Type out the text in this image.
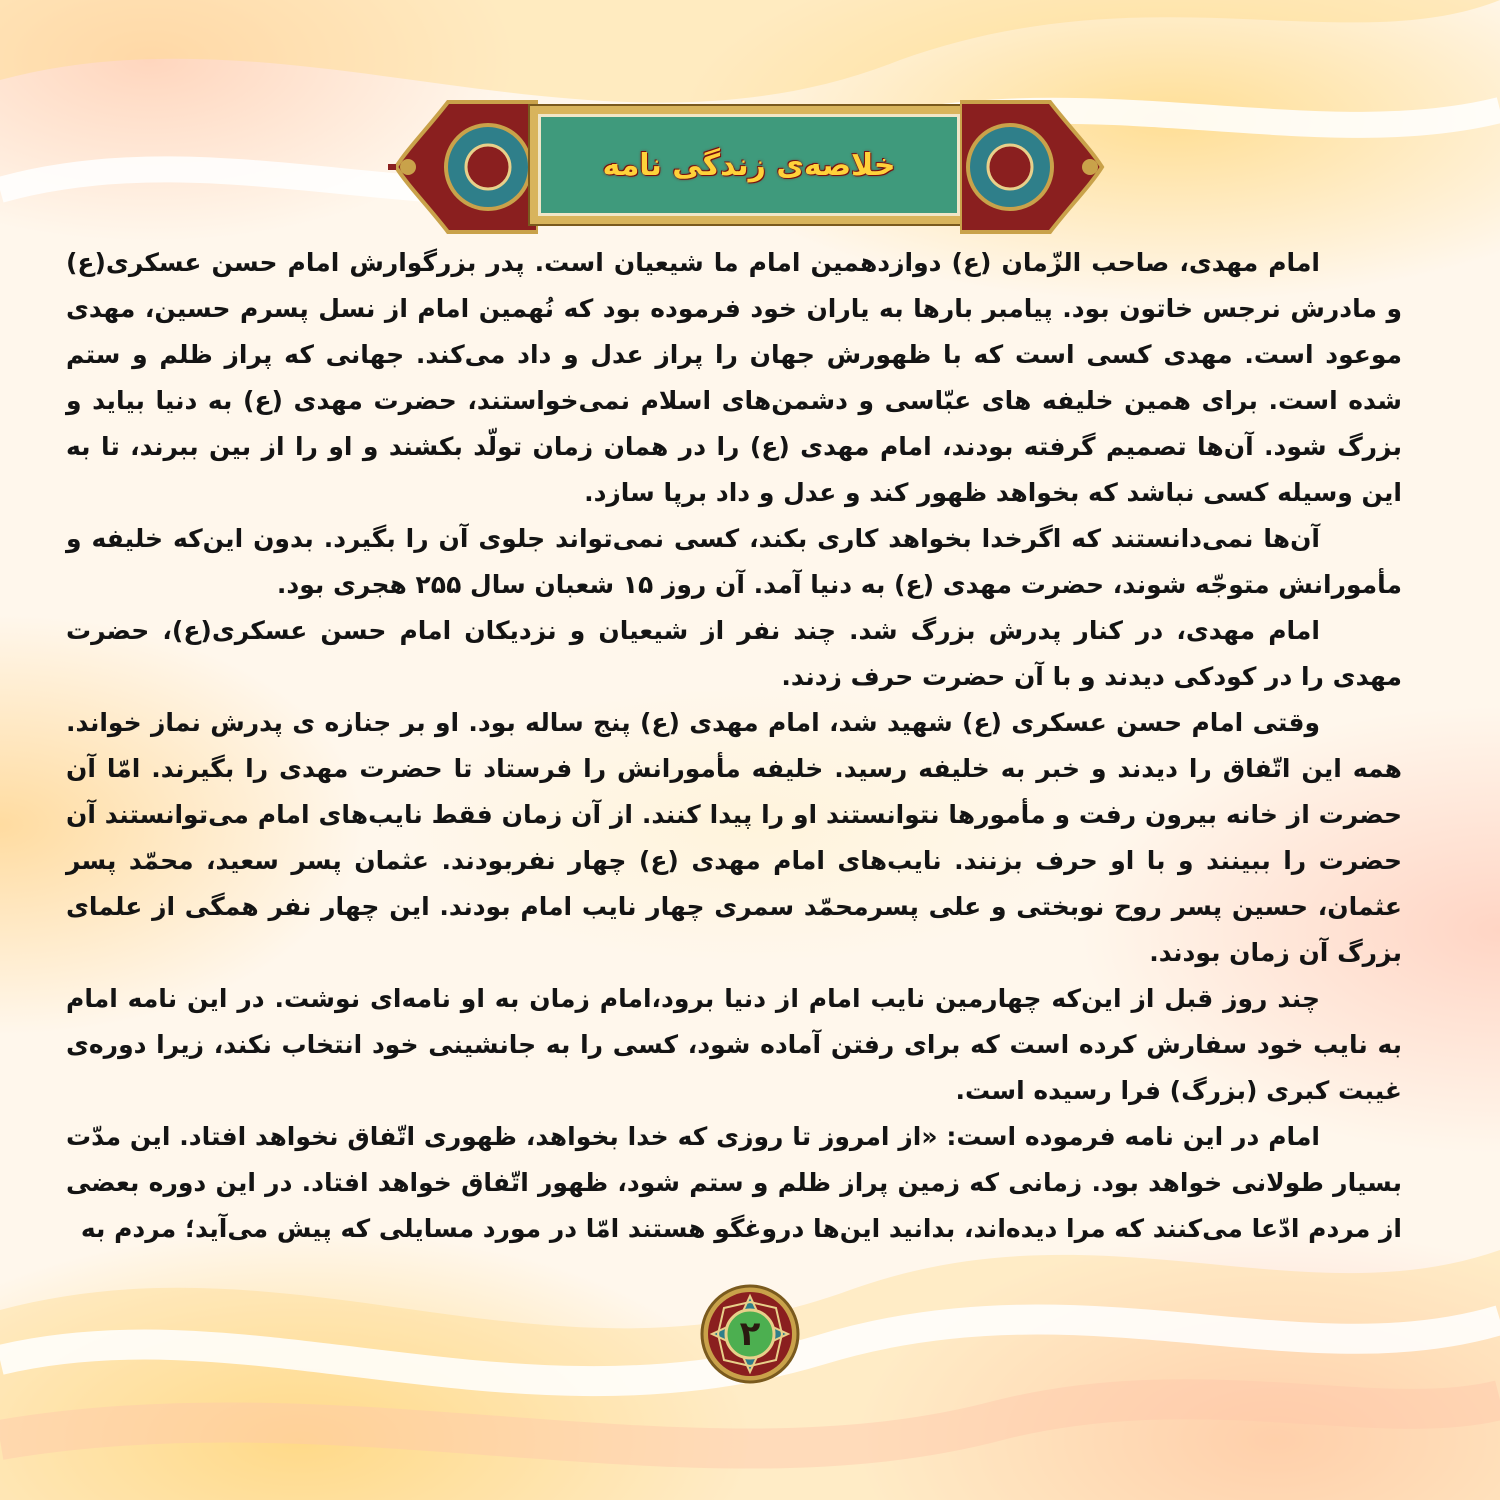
خلاصه‌ی زندگی نامه

امام مهدی، صاحب الزّمان (ع) دوازدهمین امام ما شیعیان است. پدر بزرگوارش امام حسن عسکری(ع) و مادرش نرجس خاتون بود. پیامبر بارها به یاران خود فرموده بود که نُهمین امام از نسل پسرم حسین، مهدی موعود است. مهدی کسی است که با ظهورش جهان را پراز عدل و داد می‌کند. جهانی که پراز ظلم و ستم شده است. برای همین خلیفه های عبّاسی و دشمن‌های اسلام نمی‌خواستند، حضرت مهدی (ع) به دنیا بیاید و بزرگ شود. آن‌ها تصمیم گرفته بودند، امام مهدی (ع) را در همان زمان تولّد بکشند و او را از بین ببرند، تا به این وسیله کسی نباشد که بخواهد ظهور کند و عدل و داد برپا سازد.

آن‌ها نمی‌دانستند که اگرخدا بخواهد کاری بکند، کسی نمی‌تواند جلوی آن را بگیرد. بدون این‌که خلیفه و مأمورانش متوجّه شوند، حضرت مهدی (ع) به دنیا آمد. آن روز ۱۵ شعبان سال ۲۵۵ هجری بود.

امام مهدی، در کنار پدرش بزرگ شد. چند نفر از شیعیان و نزدیکان امام حسن عسکری(ع)، حضرت مهدی را در کودکی دیدند و با آن حضرت حرف زدند.

وقتی امام حسن عسکری (ع) شهید شد، امام مهدی (ع) پنج ساله بود. او بر جنازه ی پدرش نماز خواند. همه این اتّفاق را دیدند و خبر به خلیفه رسید. خلیفه مأمورانش را فرستاد تا حضرت مهدی را بگیرند. امّا آن حضرت از خانه بیرون رفت و مأمورها نتوانستند او را پیدا کنند. از آن زمان فقط نایب‌های امام می‌توانستند آن حضرت را ببینند و با او حرف بزنند. نایب‌های امام مهدی (ع) چهار نفربودند. عثمان پسر سعید، محمّد پسر عثمان، حسین پسر روح نوبختی و علی پسرمحمّد سمری چهار نایب امام بودند. این چهار نفر همگی از علمای بزرگ آن زمان بودند.

چند روز قبل از این‌که چهارمین نایب امام از دنیا برود،امام زمان به او نامه‌ای نوشت. در این نامه امام به نایب خود سفارش کرده است که برای رفتن آماده شود، کسی را به جانشینی خود انتخاب نکند، زیرا دوره‌ی غیبت کبری (بزرگ) فرا رسیده است.

امام در این نامه فرموده است: «از امروز تا روزی که خدا بخواهد، ظهوری اتّفاق نخواهد افتاد. این مدّت بسیار طولانی خواهد بود. زمانی که زمین پراز ظلم و ستم شود، ظهور اتّفاق خواهد افتاد. در این دوره بعضی از مردم ادّعا می‌کنند که مرا دیده‌اند، بدانید این‌ها دروغگو هستند امّا در مورد مسایلی که پیش می‌آید؛ مردم به

۲
